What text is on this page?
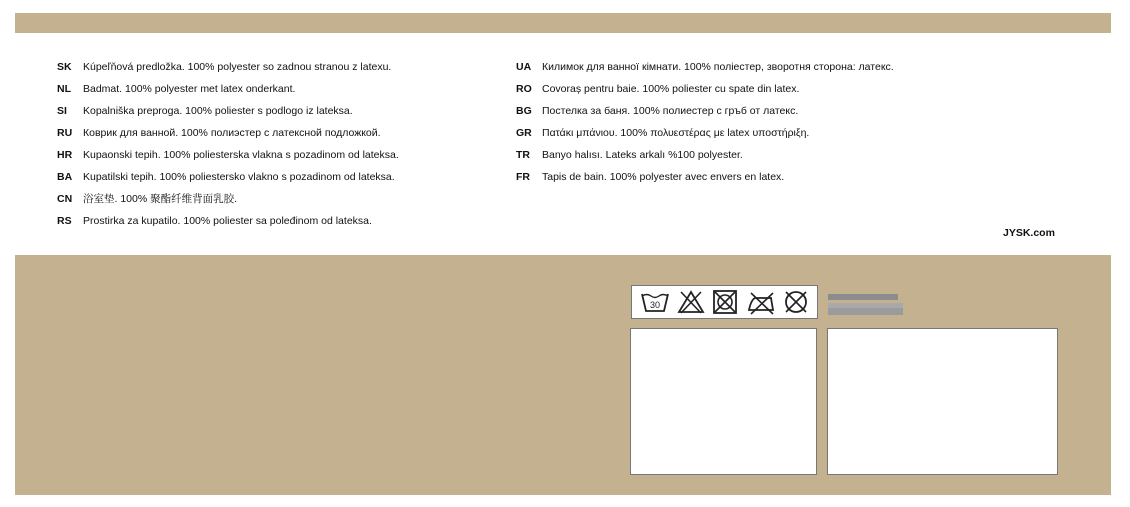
SK	Kúpeľňová predložka. 100% polyester so zadnou stranou z latexu.
NL	Badmat. 100% polyester met latex onderkant.
SI	Kopalniška preproga. 100% poliester s podlogo iz lateksa.
RU	Коврик для ванной. 100% полиэстер с латексной подложкой.
HR	Kupaonski tepih. 100% poliesterska vlakna s pozadinom od lateksa.
BA	Kupatilski tepih. 100% poliestersko vlakno s pozadinom od lateksa.
CN	浴室垫. 100% 聚酯纤维背面乳胶.
RS	Prostirka za kupatilo. 100% poliester sa poleđinom od lateksa.
UA	Килимок для ванної кімнати. 100% поліестер, зворотня сторона: латекс.
RO Covoraș pentru baie. 100% poliester cu spate din latex.
BG Постелка за баня. 100% полиестер с гръб от латекс.
GR Πατάκι μπάνιου. 100% πολυεστέρας με latex υποστήριξη.
TR	Banyo halısı. Lateks arkalı %100 polyester.
FR	Tapis de bain. 100% polyester avec envers en latex.
JYSK.com
30
